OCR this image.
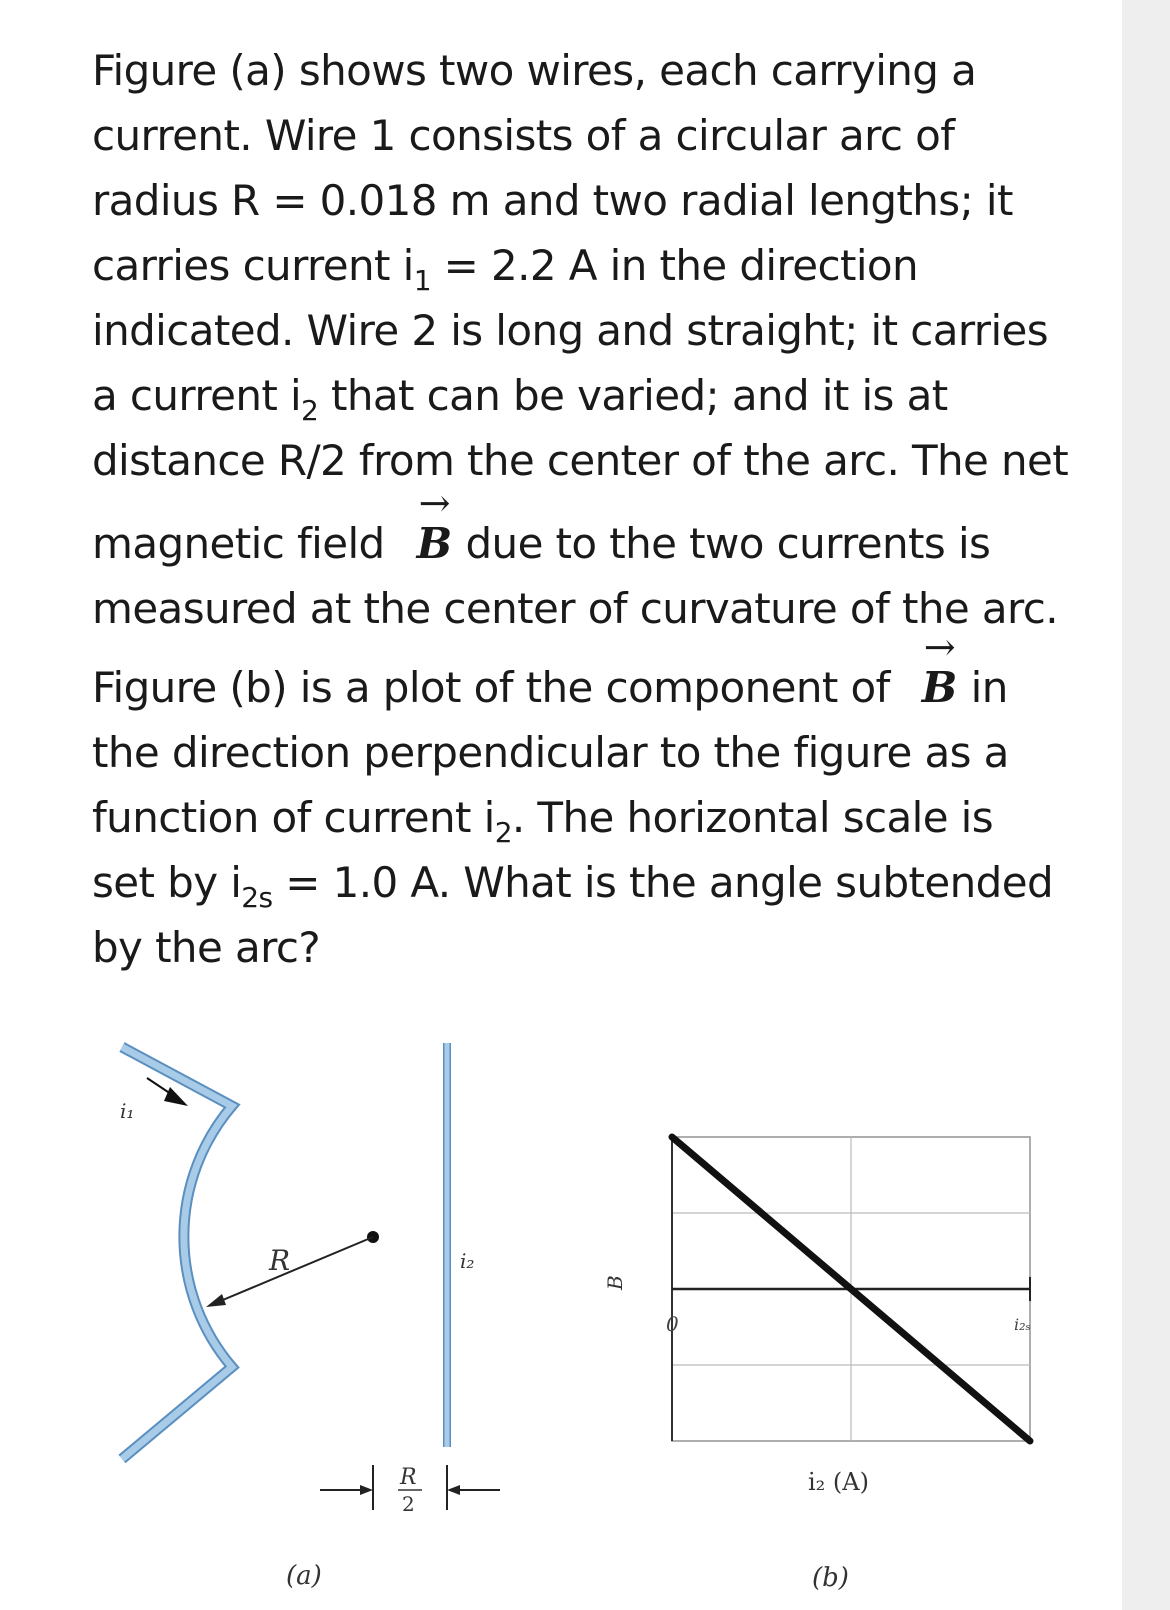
Figure (a) shows two wires, each carrying a

current. Wire 1 consists of a circular arc of

radius R = 0.018 m and two radial lengths; it

carries current $i_1 = 2.2$ A in the direction

indicated. Wire 2 is long and straight; it carries

a current $i_2$ that can be varied; and it is at

distance R/2 from the center of the arc. The net

magnetic field → B due to the two currents is

measured at the center of curvature of the arc.

Figure (b) is a plot of the component of → B in

the direction perpendicular to the figure as a

function of current $i_2$. The horizontal scale is

set by $i_{2s} = 1.0$ A. What is the angle subtended

by the arc?

i₁
R	i₂
R
2
(a)
B
0	i₂ₛ
i₂ (A)
(b)
